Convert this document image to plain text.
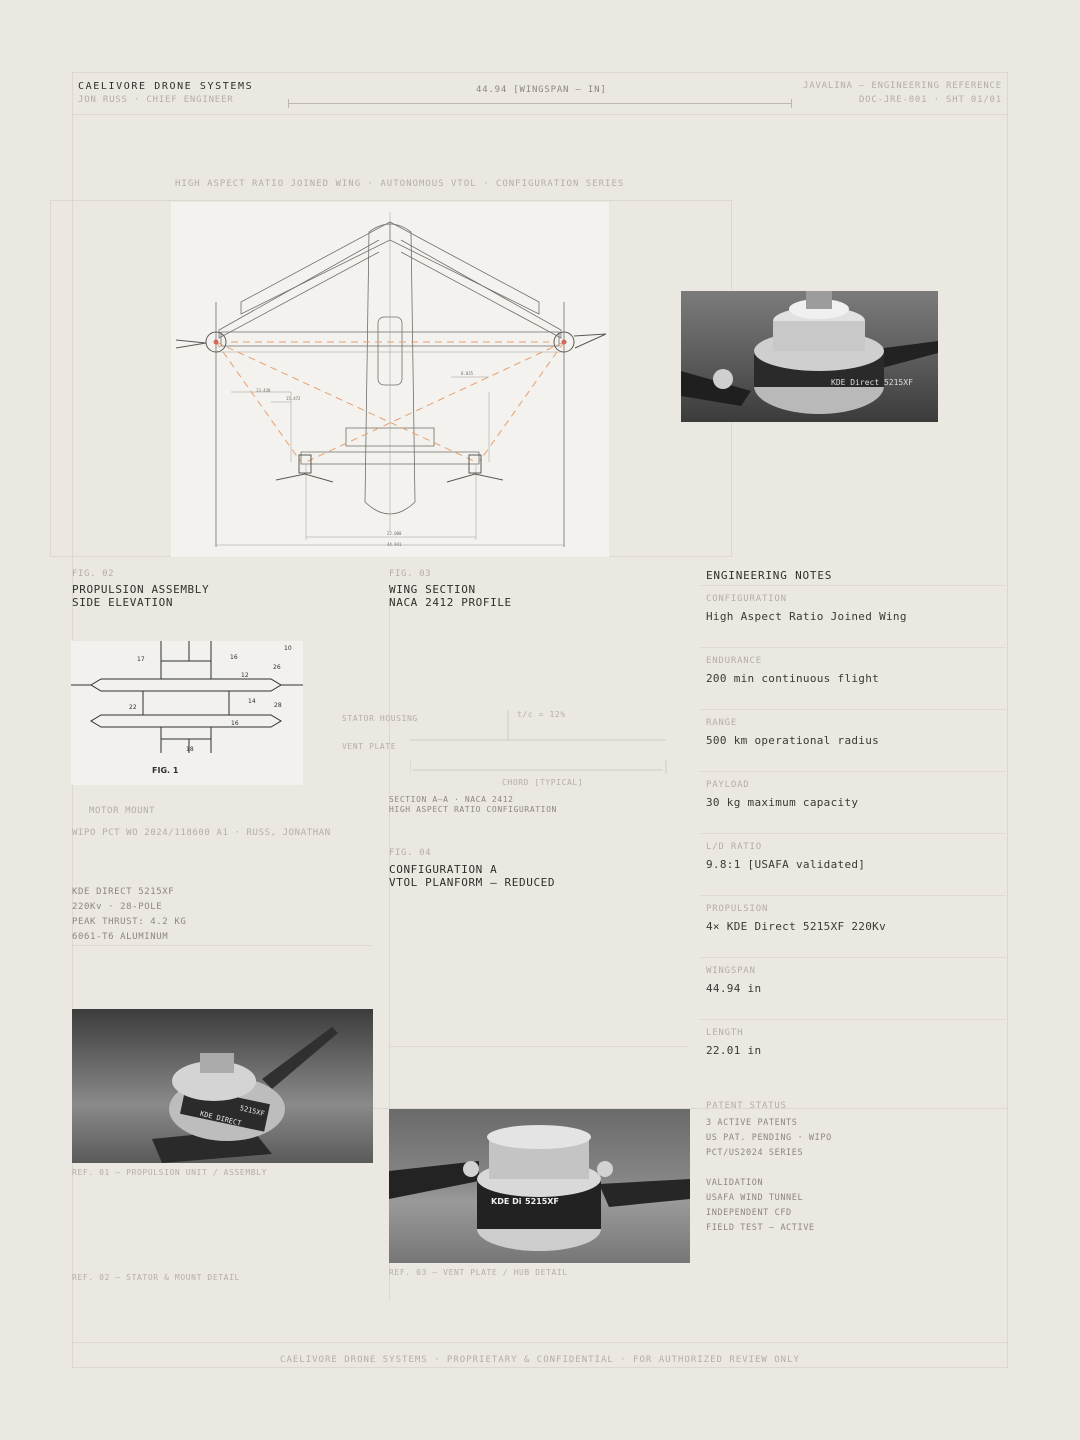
CAELIVORE DRONE SYSTEMS
JON RUSS · CHIEF ENGINEER
44.94 [WINGSPAN — IN]	JAVALINA — ENGINEERING REFERENCE
DOC-JRE-001 · SHT 01/01
HIGH ASPECT RATIO JOINED WING · AUTONOMOUS VTOL · CONFIGURATION SERIES
13.438
15.472
8.835
22.000
44.941
KDE Direct 5215XF
FIG. 02
PROPULSION ASSEMBLY
SIDE ELEVATION
17
12
16
26
10
22
14
28
16
18
FIG. 1
MOTOR MOUNT
WIPO PCT WO 2024/118600 A1 · RUSS, JONATHAN
KDE DIRECT 5215XF
220Kv · 28-POLE
PEAK THRUST: 4.2 KG
6061-T6 ALUMINUM
FIG. 03
WING SECTION
NACA 2412 PROFILE
STATOR HOUSING
VENT PLATE
t/c = 12%
CHORD [TYPICAL]
SECTION A—A · NACA 2412
HIGH ASPECT RATIO CONFIGURATION
FIG. 04
CONFIGURATION A
VTOL PLANFORM — REDUCED
ENGINEERING NOTES
CONFIGURATION
High Aspect Ratio Joined Wing
ENDURANCE
200 min continuous flight
RANGE
500 km operational radius
PAYLOAD
30 kg maximum capacity
L/D RATIO
9.8:1 [USAFA validated]
PROPULSION
4× KDE Direct 5215XF 220Kv
WINGSPAN
44.94 in
LENGTH
22.01 in
PATENT STATUS
3 ACTIVE PATENTS
US PAT. PENDING · WIPO
PCT/US2024 SERIES
VALIDATION
USAFA WIND TUNNEL
INDEPENDENT CFD
FIELD TEST — ACTIVE
KDE DIRECT
5215XF
REF. 01 — PROPULSION UNIT / ASSEMBLY
REF. 02 — STATOR & MOUNT DETAIL
KDE Di 5215XF
REF. 03 — VENT PLATE / HUB DETAIL
CAELIVORE DRONE SYSTEMS · PROPRIETARY & CONFIDENTIAL · FOR AUTHORIZED REVIEW ONLY
